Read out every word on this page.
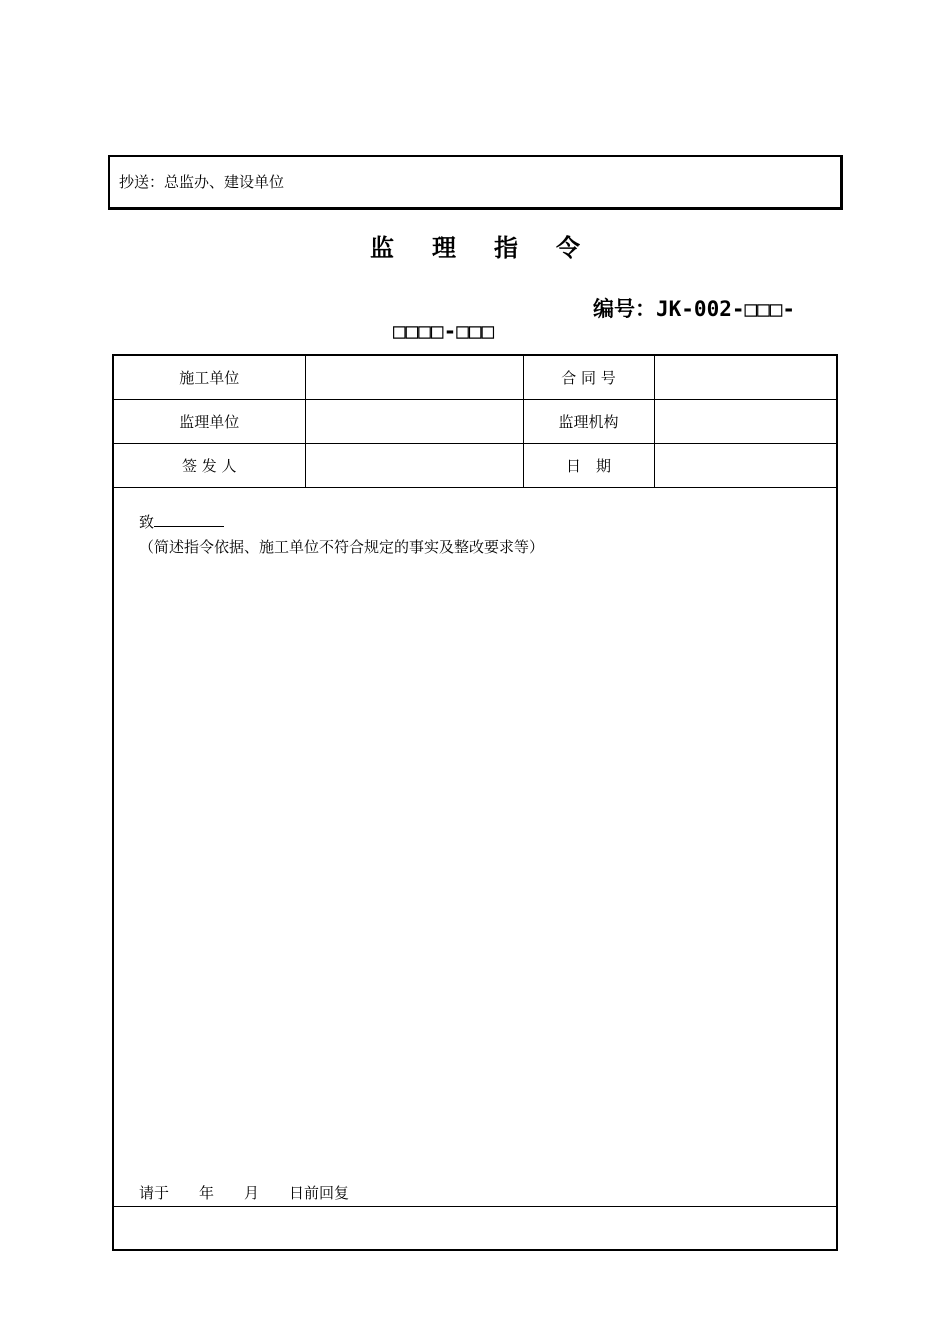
抄送：总监办、建设单位
监理指令
编号：JK-002-□□□-
□□□□-□□□
施工单位		合 同 号	
监理单位		监理机构	
签 发 人		日　期	
致
（简述指令依据、施工单位不符合规定的事实及整改要求等）
请于　　年　　月　　日前回复
